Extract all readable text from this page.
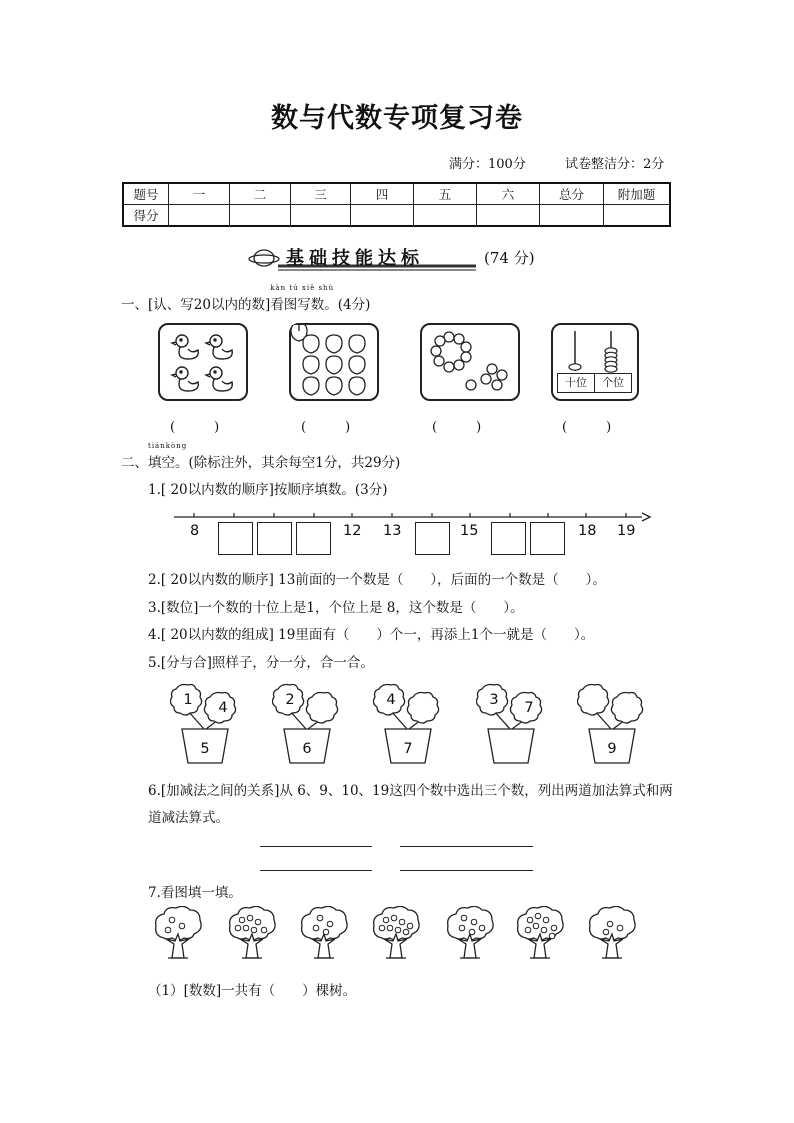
数与代数专项复习卷
满分：100分	试卷整洁分：2分
题号	一	二	三	四	五	六	总分	附加题
得分								
基础技能达标	(74 分)
一、[认、写20以内的数]
kàn tú xiě shù
看图写数。(4分)
十位	个位
(　　　)	(　　　)	(　　　)	(　　　)
二、
tiánkòng
填空。(除标注外，其余每空1分，共29分)
1.[ 20以内数的顺序]按顺序填数。(3分)
8	12 13	15	18 19
2.[ 20以内数的顺序] 13前面的一个数是（　　），后面的一个数是（　　）。
3.[数位]一个数的十位上是1，个位上是 8，这个数是（　　）。
4.[ 20以内数的组成] 19里面有（　　）个一，再添上1个一就是（　　）。
5.[分与合]照样子，分一分，合一合。
1	4
5
2
6
4
7
3	7
9
6.[加减法之间的关系]从 6、9、10、19这四个数中选出三个数，列出两道加法算式和两
道减法算式。
7.看图填一填。
（1）[数数]一共有（　　）棵树。
